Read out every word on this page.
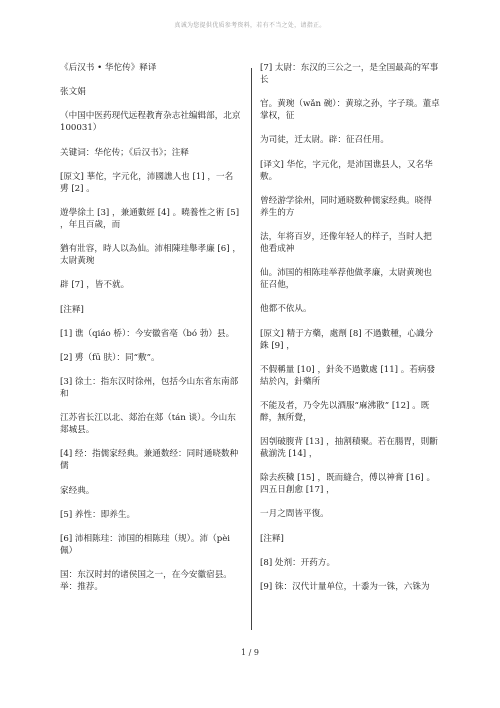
真诚为您提供优质参考资料，若有不当之处，请指正。

《后汉书 • 华佗传》释译

张文娟

（中国中医药现代远程教育杂志社编辑部，北京 100031）

关键词：华佗传；《后汉书》；注释

[原文] 華佗，字元化，沛國譙人也 [1] ，一名 旉 [2] 。

遊學徐土 [3] ，兼通數經 [4] 。曉養性之術 [5] ，年且百歲，而

猶有壯容，時人以為仙。沛相陳珪舉孝廉 [6] ，太尉黃琬

辟 [7] ，皆不就。

[注释]

[1] 谯（qiáo 桥）：今安徽省亳（bó 勃）县。

[2] 旉（fū 肤）：同“敷”。

[3] 徐土：指东汉时徐州，包括今山东省东南部和

江苏省长江以北、郯治在郯（tán 谈）。今山东郯城县。

[4] 经：指儒家经典。兼通数经：同时通晓数种儒

家经典。

[5] 养性：即养生。

[6] 沛相陈珪：沛国的相陈珪（规）。沛（pèi 佩）

国：东汉时封的诸侯国之一，在今安徽宿县。举：推荐。

[7] 太尉：东汉的三公之一，是全国最高的军事长

官。黄琬（wǎn 碗）：黄琼之孙，字子琰。董卓掌权，征

为司徒，迁太尉。辟：征召任用。

[译文] 华佗，字元化，是沛国谯县人，又名华敷。

曾经游学徐州，同时通晓数种儒家经典。晓得养生的方

法，年将百岁，还像年轻人的样子，当时人把他看成神

仙。沛国的相陈珪举荐他做孝廉，太尉黄琬也征召他，

他都不依从。

[原文] 精于方藥，處劑 [8] 不過數種，心識分銖 [9] ，

不假稱量 [10] ，針灸不過數處 [11] 。若病發結於內，針藥所

不能及者，乃令先以酒服“麻沸散” [12] 。既醉，無所覺，

因刳破腹背 [13] ，抽割積聚。若在腸胃，則斷截湔洗 [14] ，

除去疾穢 [15] ，既而縫合，傅以神膏 [16] 。四五日創愈 [17] ，

一月之間皆平復。

[注释]

[8] 处剂：开药方。

[9] 铢：汉代计量单位，十黍为一铢，六铢为

1 / 9
